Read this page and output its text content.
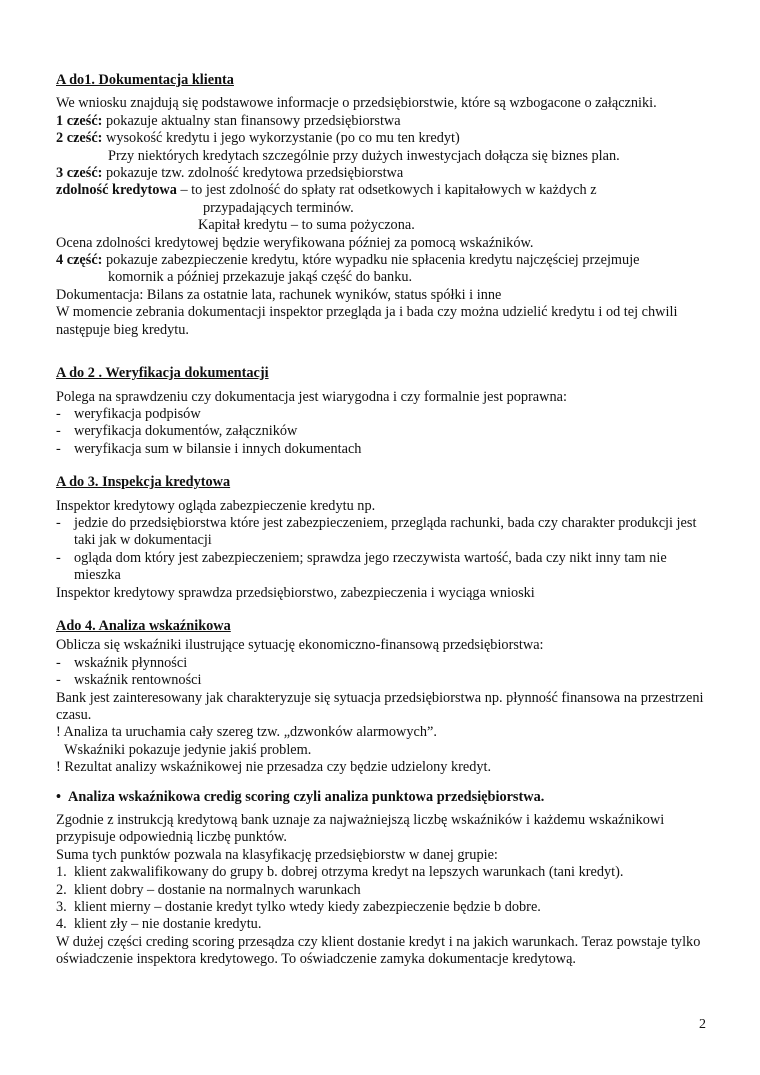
A do1. Dokumentacja klienta

We wniosku znajdują się podstawowe informacje o przedsiębiorstwie, które są wzbogacone o załączniki.

1 cześć: pokazuje aktualny stan finansowy przedsiębiorstwa

2 cześć: wysokość kredytu i jego wykorzystanie (po co mu ten kredyt)

Przy niektórych kredytach szczególnie przy dużych inwestycjach dołącza się biznes plan.

3 cześć: pokazuje tzw. zdolność kredytowa przedsiębiorstwa

zdolność kredytowa – to jest zdolność do spłaty rat odsetkowych i kapitałowych w każdych z

przypadających terminów.

Kapitał kredytu – to suma pożyczona.

Ocena zdolności kredytowej będzie weryfikowana później za pomocą wskaźników.

4 część: pokazuje zabezpieczenie kredytu, które wypadku nie spłacenia kredytu najczęściej przejmuje

komornik a później przekazuje jakąś część do banku.

Dokumentacja: Bilans za ostatnie lata, rachunek wyników, status spółki i inne

W momencie zebrania dokumentacji inspektor przegląda ja i bada czy można udzielić kredytu i od tej chwili następuje bieg kredytu.

A do 2 . Weryfikacja dokumentacji

Polega na sprawdzeniu czy dokumentacja jest wiarygodna i czy formalnie jest poprawna:

- weryfikacja podpisów
- weryfikacja dokumentów, załączników
- weryfikacja sum w bilansie i innych dokumentach

A do 3. Inspekcja kredytowa

Inspektor kredytowy ogląda zabezpieczenie kredytu np.

- jedzie do przedsiębiorstwa które jest zabezpieczeniem, przegląda rachunki, bada czy charakter produkcji jest taki jak w dokumentacji
- ogląda dom który jest zabezpieczeniem; sprawdza jego rzeczywista wartość, bada czy nikt inny tam nie mieszka

Inspektor kredytowy sprawdza przedsiębiorstwo, zabezpieczenia i wyciąga wnioski

Ado 4. Analiza wskaźnikowa

Oblicza się wskaźniki ilustrujące sytuację ekonomiczno-finansową przedsiębiorstwa:

- wskaźnik płynności
- wskaźnik rentowności

Bank jest zainteresowany jak charakteryzuje się sytuacja przedsiębiorstwa np. płynność finansowa na przestrzeni czasu.

! Analiza ta uruchamia cały szereg tzw. „dzwonków alarmowych”.

Wskaźniki pokazuje jedynie jakiś problem.

! Rezultat analizy wskaźnikowej nie przesadza czy będzie udzielony kredyt.

• Analiza wskaźnikowa credig scoring czyli analiza punktowa przedsiębiorstwa.

Zgodnie z instrukcją kredytową bank uznaje za najważniejszą liczbę wskaźników i każdemu wskaźnikowi przypisuje odpowiednią liczbę punktów.

Suma tych punktów pozwala na klasyfikację przedsiębiorstw w danej grupie:

1. klient zakwalifikowany do grupy b. dobrej otrzyma kredyt na lepszych warunkach (tani kredyt).
2. klient dobry – dostanie na normalnych warunkach
3. klient mierny – dostanie kredyt tylko wtedy kiedy zabezpieczenie będzie b dobre.
4. klient zły – nie dostanie kredytu.

W dużej części creding scoring przesądza czy klient dostanie kredyt i na jakich warunkach. Teraz powstaje tylko oświadczenie inspektora kredytowego. To oświadczenie zamyka dokumentacje kredytową.

2
